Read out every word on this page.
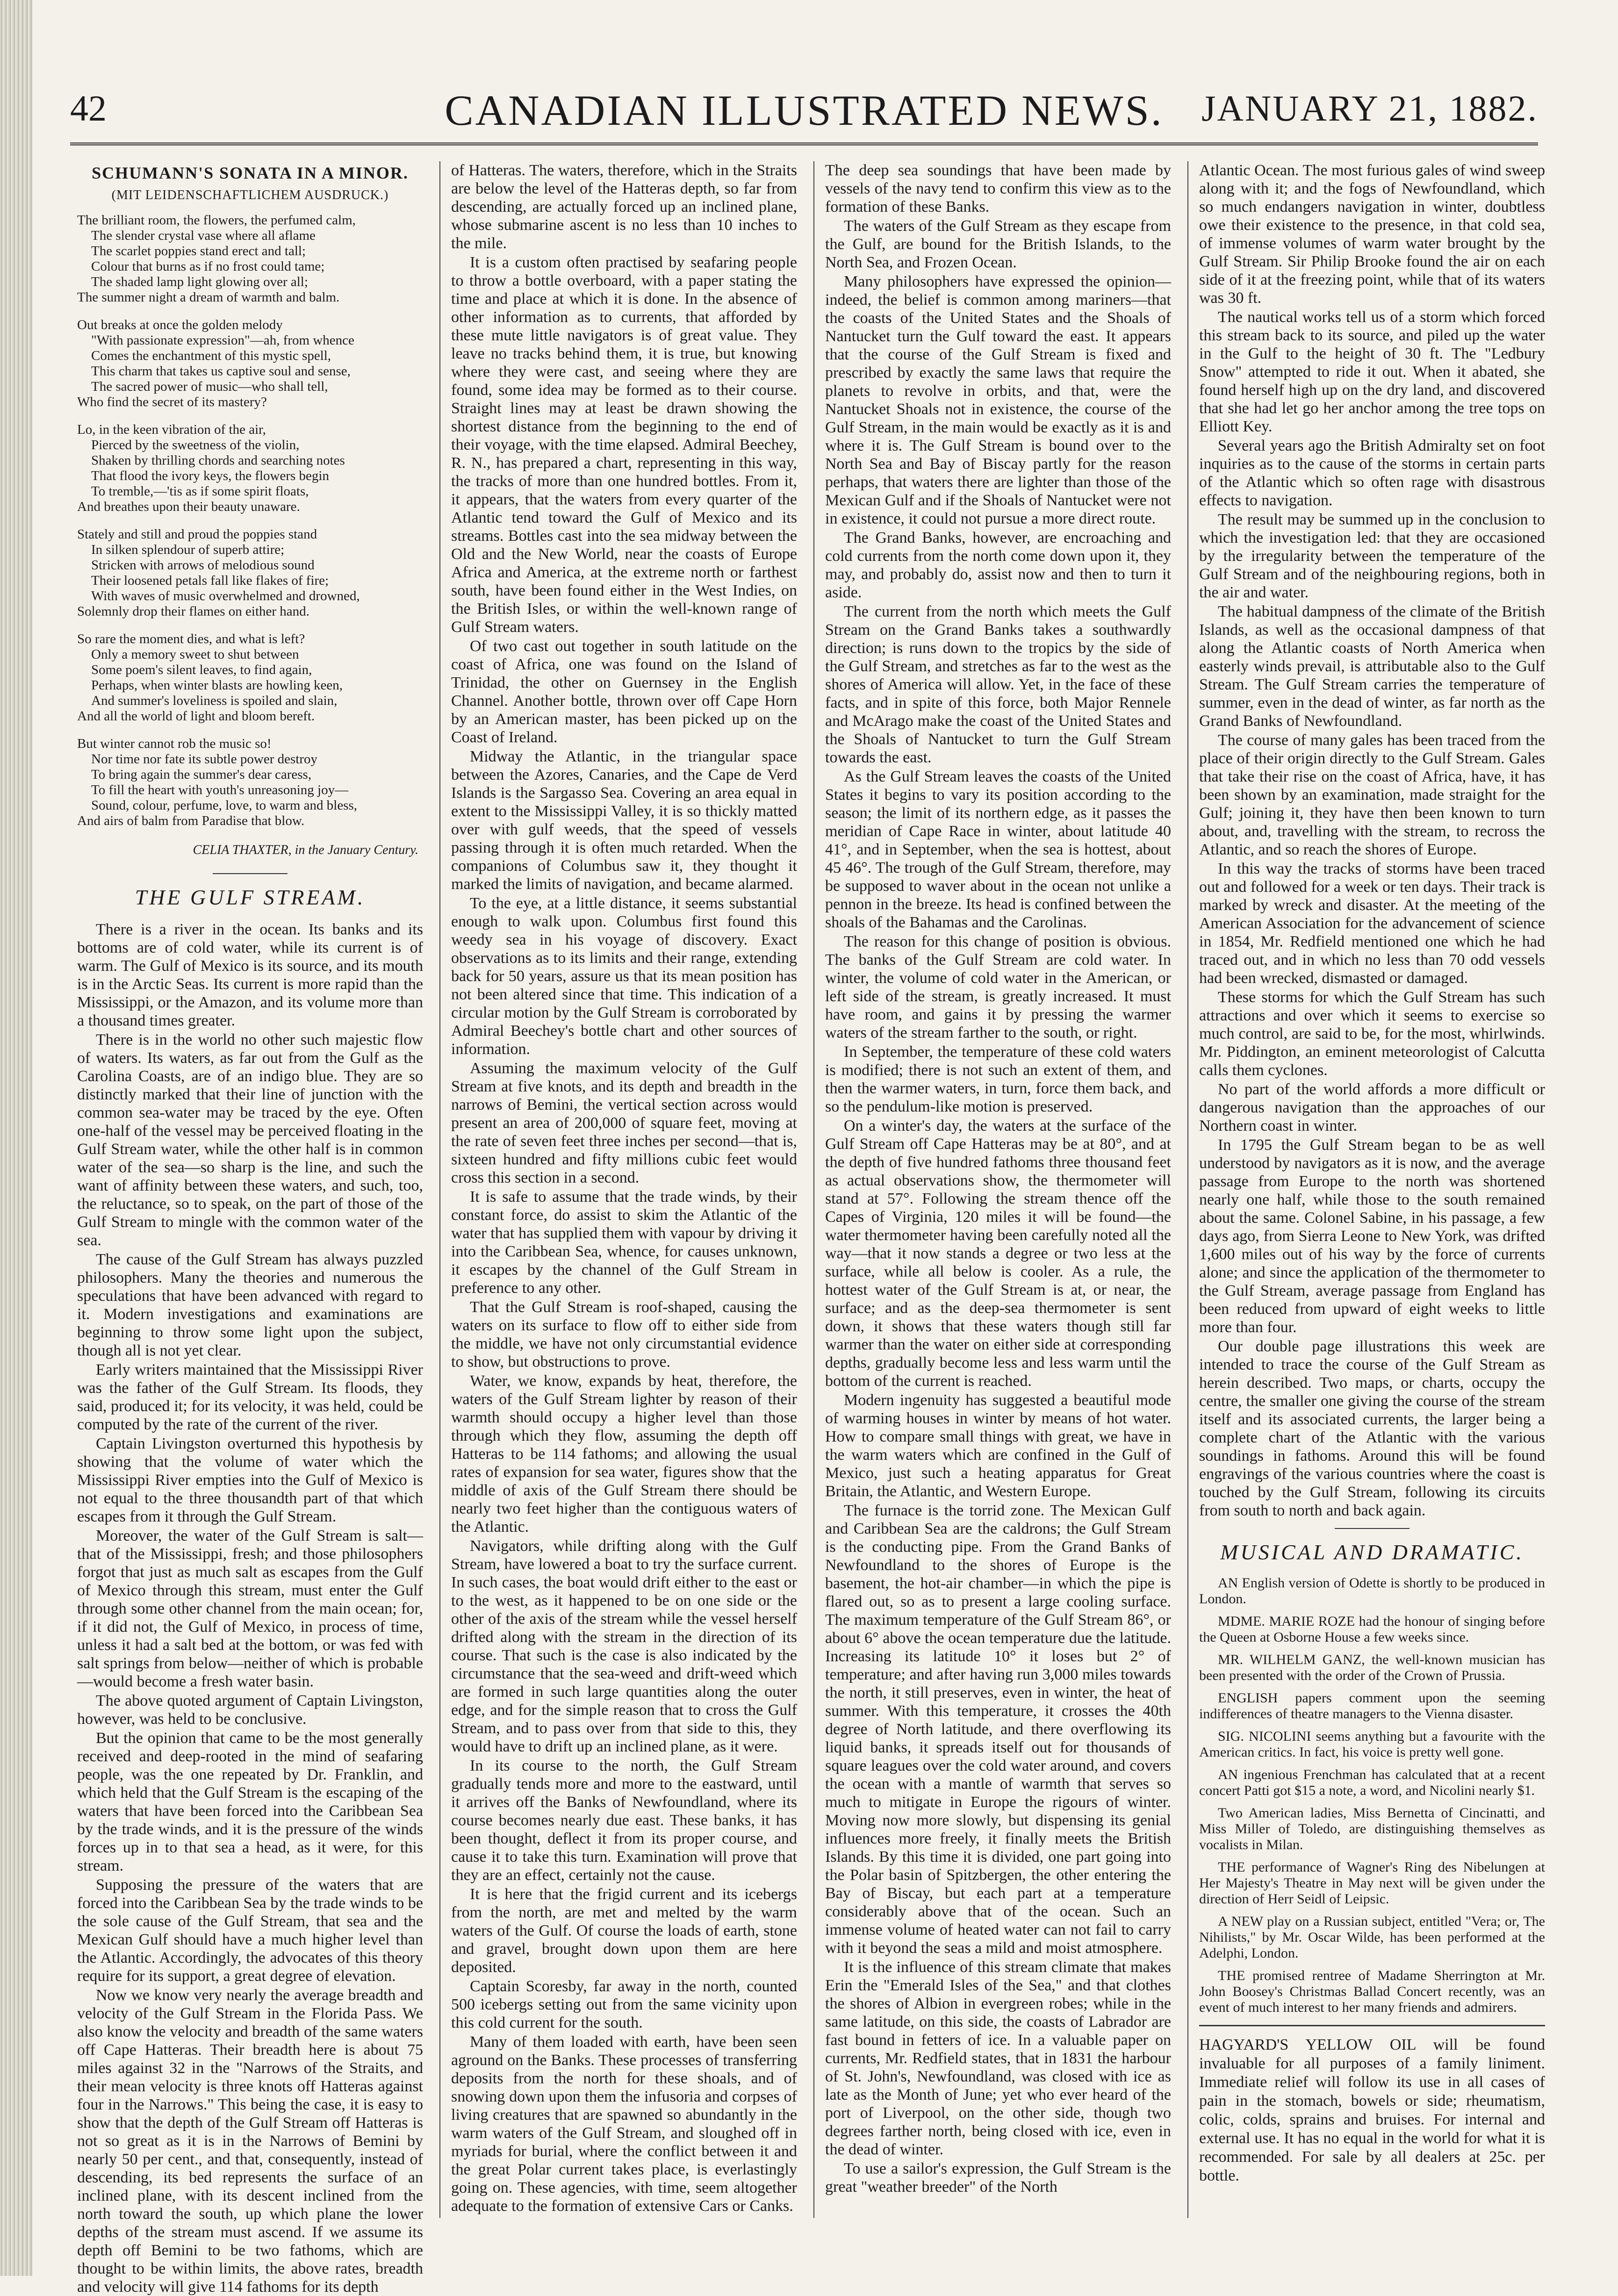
42	CANADIAN ILLUSTRATED NEWS.	JANUARY 21, 1882.
SCHUMANN'S SONATA IN A MINOR.
(MIT LEIDENSCHAFTLICHEM AUSDRUCK.)
The brilliant room, the flowers, the perfumed calm,
The slender crystal vase where all aflame
The scarlet poppies stand erect and tall;
Colour that burns as if no frost could tame;
The shaded lamp light glowing over all;
The summer night a dream of warmth and balm.
Out breaks at once the golden melody
"With passionate expression"—ah, from whence
Comes the enchantment of this mystic spell,
This charm that takes us captive soul and sense,
The sacred power of music—who shall tell,
Who find the secret of its mastery?
Lo, in the keen vibration of the air,
Pierced by the sweetness of the violin,
Shaken by thrilling chords and searching notes
That flood the ivory keys, the flowers begin
To tremble,—'tis as if some spirit floats,
And breathes upon their beauty unaware.
Stately and still and proud the poppies stand
In silken splendour of superb attire;
Stricken with arrows of melodious sound
Their loosened petals fall like flakes of fire;
With waves of music overwhelmed and drowned,
Solemnly drop their flames on either hand.
So rare the moment dies, and what is left?
Only a memory sweet to shut between
Some poem's silent leaves, to find again,
Perhaps, when winter blasts are howling keen,
And summer's loveliness is spoiled and slain,
And all the world of light and bloom bereft.
But winter cannot rob the music so!
Nor time nor fate its subtle power destroy
To bring again the summer's dear caress,
To fill the heart with youth's unreasoning joy—
Sound, colour, perfume, love, to warm and bless,
And airs of balm from Paradise that blow.
CELIA THAXTER, in the January Century.
THE GULF STREAM.

There is a river in the ocean. Its banks and its bottoms are of cold water, while its current is of warm. The Gulf of Mexico is its source, and its mouth is in the Arctic Seas. Its current is more rapid than the Mississippi, or the Amazon, and its volume more than a thousand times greater.

There is in the world no other such majestic flow of waters. Its waters, as far out from the Gulf as the Carolina Coasts, are of an indigo blue. They are so distinctly marked that their line of junction with the common sea-water may be traced by the eye. Often one-half of the vessel may be perceived floating in the Gulf Stream water, while the other half is in common water of the sea—so sharp is the line, and such the want of affinity between these waters, and such, too, the reluctance, so to speak, on the part of those of the Gulf Stream to mingle with the common water of the sea.

The cause of the Gulf Stream has always puzzled philosophers. Many the theories and numerous the speculations that have been advanced with regard to it. Modern investigations and examinations are beginning to throw some light upon the subject, though all is not yet clear.

Early writers maintained that the Mississippi River was the father of the Gulf Stream. Its floods, they said, produced it; for its velocity, it was held, could be computed by the rate of the current of the river.

Captain Livingston overturned this hypothesis by showing that the volume of water which the Mississippi River empties into the Gulf of Mexico is not equal to the three thousandth part of that which escapes from it through the Gulf Stream.

Moreover, the water of the Gulf Stream is salt—that of the Mississippi, fresh; and those philosophers forgot that just as much salt as escapes from the Gulf of Mexico through this stream, must enter the Gulf through some other channel from the main ocean; for, if it did not, the Gulf of Mexico, in process of time, unless it had a salt bed at the bottom, or was fed with salt springs from below—neither of which is probable—would become a fresh water basin.

The above quoted argument of Captain Livingston, however, was held to be conclusive.

But the opinion that came to be the most generally received and deep-rooted in the mind of seafaring people, was the one repeated by Dr. Franklin, and which held that the Gulf Stream is the escaping of the waters that have been forced into the Caribbean Sea by the trade winds, and it is the pressure of the winds forces up in to that sea a head, as it were, for this stream.

Supposing the pressure of the waters that are forced into the Caribbean Sea by the trade winds to be the sole cause of the Gulf Stream, that sea and the Mexican Gulf should have a much higher level than the Atlantic. Accordingly, the advocates of this theory require for its support, a great degree of elevation.

Now we know very nearly the average breadth and velocity of the Gulf Stream in the Florida Pass. We also know the velocity and breadth of the same waters off Cape Hatteras. Their breadth here is about 75 miles against 32 in the "Narrows of the Straits, and their mean velocity is three knots off Hatteras against four in the Narrows." This being the case, it is easy to show that the depth of the Gulf Stream off Hatteras is not so great as it is in the Narrows of Bemini by nearly 50 per cent., and that, consequently, instead of descending, its bed represents the surface of an inclined plane, with its descent inclined from the north toward the south, up which plane the lower depths of the stream must ascend. If we assume its depth off Bemini to be two fathoms, which are thought to be within limits, the above rates, breadth and velocity will give 114 fathoms for its depth

of Hatteras. The waters, therefore, which in the Straits are below the level of the Hatteras depth, so far from descending, are actually forced up an inclined plane, whose submarine ascent is no less than 10 inches to the mile.

It is a custom often practised by seafaring people to throw a bottle overboard, with a paper stating the time and place at which it is done. In the absence of other information as to currents, that afforded by these mute little navigators is of great value. They leave no tracks behind them, it is true, but knowing where they were cast, and seeing where they are found, some idea may be formed as to their course. Straight lines may at least be drawn showing the shortest distance from the beginning to the end of their voyage, with the time elapsed. Admiral Beechey, R. N., has prepared a chart, representing in this way, the tracks of more than one hundred bottles. From it, it appears, that the waters from every quarter of the Atlantic tend toward the Gulf of Mexico and its streams. Bottles cast into the sea midway between the Old and the New World, near the coasts of Europe Africa and America, at the extreme north or farthest south, have been found either in the West Indies, on the British Isles, or within the well-known range of Gulf Stream waters.

Of two cast out together in south latitude on the coast of Africa, one was found on the Island of Trinidad, the other on Guernsey in the English Channel. Another bottle, thrown over off Cape Horn by an American master, has been picked up on the Coast of Ireland.

Midway the Atlantic, in the triangular space between the Azores, Canaries, and the Cape de Verd Islands is the Sargasso Sea. Covering an area equal in extent to the Mississippi Valley, it is so thickly matted over with gulf weeds, that the speed of vessels passing through it is often much retarded. When the companions of Columbus saw it, they thought it marked the limits of navigation, and became alarmed.

To the eye, at a little distance, it seems substantial enough to walk upon. Columbus first found this weedy sea in his voyage of discovery. Exact observations as to its limits and their range, extending back for 50 years, assure us that its mean position has not been altered since that time. This indication of a circular motion by the Gulf Stream is corroborated by Admiral Beechey's bottle chart and other sources of information.

Assuming the maximum velocity of the Gulf Stream at five knots, and its depth and breadth in the narrows of Bemini, the vertical section across would present an area of 200,000 of square feet, moving at the rate of seven feet three inches per second—that is, sixteen hundred and fifty millions cubic feet would cross this section in a second.

It is safe to assume that the trade winds, by their constant force, do assist to skim the Atlantic of the water that has supplied them with vapour by driving it into the Caribbean Sea, whence, for causes unknown, it escapes by the channel of the Gulf Stream in preference to any other.

That the Gulf Stream is roof-shaped, causing the waters on its surface to flow off to either side from the middle, we have not only circumstantial evidence to show, but obstructions to prove.

Water, we know, expands by heat, therefore, the waters of the Gulf Stream lighter by reason of their warmth should occupy a higher level than those through which they flow, assuming the depth off Hatteras to be 114 fathoms; and allowing the usual rates of expansion for sea water, figures show that the middle of axis of the Gulf Stream there should be nearly two feet higher than the contiguous waters of the Atlantic.

Navigators, while drifting along with the Gulf Stream, have lowered a boat to try the surface current. In such cases, the boat would drift either to the east or to the west, as it happened to be on one side or the other of the axis of the stream while the vessel herself drifted along with the stream in the direction of its course. That such is the case is also indicated by the circumstance that the sea-weed and drift-weed which are formed in such large quantities along the outer edge, and for the simple reason that to cross the Gulf Stream, and to pass over from that side to this, they would have to drift up an inclined plane, as it were.

In its course to the north, the Gulf Stream gradually tends more and more to the eastward, until it arrives off the Banks of Newfoundland, where its course becomes nearly due east. These banks, it has been thought, deflect it from its proper course, and cause it to take this turn. Examination will prove that they are an effect, certainly not the cause.

It is here that the frigid current and its icebergs from the north, are met and melted by the warm waters of the Gulf. Of course the loads of earth, stone and gravel, brought down upon them are here deposited.

Captain Scoresby, far away in the north, counted 500 icebergs setting out from the same vicinity upon this cold current for the south.

Many of them loaded with earth, have been seen aground on the Banks. These processes of transferring deposits from the north for these shoals, and of snowing down upon them the infusoria and corpses of living creatures that are spawned so abundantly in the warm waters of the Gulf Stream, and sloughed off in myriads for burial, where the conflict between it and the great Polar current takes place, is everlastingly going on. These agencies, with time, seem altogether adequate to the formation of extensive Cars or Canks.

The deep sea soundings that have been made by vessels of the navy tend to confirm this view as to the formation of these Banks.

The waters of the Gulf Stream as they escape from the Gulf, are bound for the British Islands, to the North Sea, and Frozen Ocean.

Many philosophers have expressed the opinion—indeed, the belief is common among mariners—that the coasts of the United States and the Shoals of Nantucket turn the Gulf toward the east. It appears that the course of the Gulf Stream is fixed and prescribed by exactly the same laws that require the planets to revolve in orbits, and that, were the Nantucket Shoals not in existence, the course of the Gulf Stream, in the main would be exactly as it is and where it is. The Gulf Stream is bound over to the North Sea and Bay of Biscay partly for the reason perhaps, that waters there are lighter than those of the Mexican Gulf and if the Shoals of Nantucket were not in existence, it could not pursue a more direct route.

The Grand Banks, however, are encroaching and cold currents from the north come down upon it, they may, and probably do, assist now and then to turn it aside.

The current from the north which meets the Gulf Stream on the Grand Banks takes a southwardly direction; is runs down to the tropics by the side of the Gulf Stream, and stretches as far to the west as the shores of America will allow. Yet, in the face of these facts, and in spite of this force, both Major Rennele and McArago make the coast of the United States and the Shoals of Nantucket to turn the Gulf Stream towards the east.

As the Gulf Stream leaves the coasts of the United States it begins to vary its position according to the season; the limit of its northern edge, as it passes the meridian of Cape Race in winter, about latitude 40 41°, and in September, when the sea is hottest, about 45 46°. The trough of the Gulf Stream, therefore, may be supposed to waver about in the ocean not unlike a pennon in the breeze. Its head is confined between the shoals of the Bahamas and the Carolinas.

The reason for this change of position is obvious. The banks of the Gulf Stream are cold water. In winter, the volume of cold water in the American, or left side of the stream, is greatly increased. It must have room, and gains it by pressing the warmer waters of the stream farther to the south, or right.

In September, the temperature of these cold waters is modified; there is not such an extent of them, and then the warmer waters, in turn, force them back, and so the pendulum-like motion is preserved.

On a winter's day, the waters at the surface of the Gulf Stream off Cape Hatteras may be at 80°, and at the depth of five hundred fathoms three thousand feet as actual observations show, the thermometer will stand at 57°. Following the stream thence off the Capes of Virginia, 120 miles it will be found—the water thermometer having been carefully noted all the way—that it now stands a degree or two less at the surface, while all below is cooler. As a rule, the hottest water of the Gulf Stream is at, or near, the surface; and as the deep-sea thermometer is sent down, it shows that these waters though still far warmer than the water on either side at corresponding depths, gradually become less and less warm until the bottom of the current is reached.

Modern ingenuity has suggested a beautiful mode of warming houses in winter by means of hot water. How to compare small things with great, we have in the warm waters which are confined in the Gulf of Mexico, just such a heating apparatus for Great Britain, the Atlantic, and Western Europe.

The furnace is the torrid zone. The Mexican Gulf and Caribbean Sea are the caldrons; the Gulf Stream is the conducting pipe. From the Grand Banks of Newfoundland to the shores of Europe is the basement, the hot-air chamber—in which the pipe is flared out, so as to present a large cooling surface. The maximum temperature of the Gulf Stream 86°, or about 6° above the ocean temperature due the latitude. Increasing its latitude 10° it loses but 2° of temperature; and after having run 3,000 miles towards the north, it still preserves, even in winter, the heat of summer. With this temperature, it crosses the 40th degree of North latitude, and there overflowing its liquid banks, it spreads itself out for thousands of square leagues over the cold water around, and covers the ocean with a mantle of warmth that serves so much to mitigate in Europe the rigours of winter. Moving now more slowly, but dispensing its genial influences more freely, it finally meets the British Islands. By this time it is divided, one part going into the Polar basin of Spitzbergen, the other entering the Bay of Biscay, but each part at a temperature considerably above that of the ocean. Such an immense volume of heated water can not fail to carry with it beyond the seas a mild and moist atmosphere.

It is the influence of this stream climate that makes Erin the "Emerald Isles of the Sea," and that clothes the shores of Albion in evergreen robes; while in the same latitude, on this side, the coasts of Labrador are fast bound in fetters of ice. In a valuable paper on currents, Mr. Redfield states, that in 1831 the harbour of St. John's, Newfoundland, was closed with ice as late as the Month of June; yet who ever heard of the port of Liverpool, on the other side, though two degrees farther north, being closed with ice, even in the dead of winter.

To use a sailor's expression, the Gulf Stream is the great "weather breeder" of the North

Atlantic Ocean. The most furious gales of wind sweep along with it; and the fogs of Newfoundland, which so much endangers navigation in winter, doubtless owe their existence to the presence, in that cold sea, of immense volumes of warm water brought by the Gulf Stream. Sir Philip Brooke found the air on each side of it at the freezing point, while that of its waters was 30 ft.

The nautical works tell us of a storm which forced this stream back to its source, and piled up the water in the Gulf to the height of 30 ft. The "Ledbury Snow" attempted to ride it out. When it abated, she found herself high up on the dry land, and discovered that she had let go her anchor among the tree tops on Elliott Key.

Several years ago the British Admiralty set on foot inquiries as to the cause of the storms in certain parts of the Atlantic which so often rage with disastrous effects to navigation.

The result may be summed up in the conclusion to which the investigation led: that they are occasioned by the irregularity between the temperature of the Gulf Stream and of the neighbouring regions, both in the air and water.

The habitual dampness of the climate of the British Islands, as well as the occasional dampness of that along the Atlantic coasts of North America when easterly winds prevail, is attributable also to the Gulf Stream. The Gulf Stream carries the temperature of summer, even in the dead of winter, as far north as the Grand Banks of Newfoundland.

The course of many gales has been traced from the place of their origin directly to the Gulf Stream. Gales that take their rise on the coast of Africa, have, it has been shown by an examination, made straight for the Gulf; joining it, they have then been known to turn about, and, travelling with the stream, to recross the Atlantic, and so reach the shores of Europe.

In this way the tracks of storms have been traced out and followed for a week or ten days. Their track is marked by wreck and disaster. At the meeting of the American Association for the advancement of science in 1854, Mr. Redfield mentioned one which he had traced out, and in which no less than 70 odd vessels had been wrecked, dismasted or damaged.

These storms for which the Gulf Stream has such attractions and over which it seems to exercise so much control, are said to be, for the most, whirlwinds. Mr. Piddington, an eminent meteorologist of Calcutta calls them cyclones.

No part of the world affords a more difficult or dangerous navigation than the approaches of our Northern coast in winter.

In 1795 the Gulf Stream began to be as well understood by navigators as it is now, and the average passage from Europe to the north was shortened nearly one half, while those to the south remained about the same. Colonel Sabine, in his passage, a few days ago, from Sierra Leone to New York, was drifted 1,600 miles out of his way by the force of currents alone; and since the application of the thermometer to the Gulf Stream, average passage from England has been reduced from upward of eight weeks to little more than four.

Our double page illustrations this week are intended to trace the course of the Gulf Stream as herein described. Two maps, or charts, occupy the centre, the smaller one giving the course of the stream itself and its associated currents, the larger being a complete chart of the Atlantic with the various soundings in fathoms. Around this will be found engravings of the various countries where the coast is touched by the Gulf Stream, following its circuits from south to north and back again.

MUSICAL AND DRAMATIC.

AN English version of Odette is shortly to be produced in London.

MDME. MARIE ROZE had the honour of singing before the Queen at Osborne House a few weeks since.

MR. WILHELM GANZ, the well-known musician has been presented with the order of the Crown of Prussia.

ENGLISH papers comment upon the seeming indifferences of theatre managers to the Vienna disaster.

SIG. NICOLINI seems anything but a favourite with the American critics. In fact, his voice is pretty well gone.

AN ingenious Frenchman has calculated that at a recent concert Patti got $15 a note, a word, and Nicolini nearly $1.

Two American ladies, Miss Bernetta of Cincinatti, and Miss Miller of Toledo, are distinguishing themselves as vocalists in Milan.

THE performance of Wagner's Ring des Nibelungen at Her Majesty's Theatre in May next will be given under the direction of Herr Seidl of Leipsic.

A NEW play on a Russian subject, entitled "Vera; or, The Nihilists," by Mr. Oscar Wilde, has been performed at the Adelphi, London.

THE promised rentree of Madame Sherrington at Mr. John Boosey's Christmas Ballad Concert recently, was an event of much interest to her many friends and admirers.

HAGYARD'S YELLOW OIL will be found invaluable for all purposes of a family liniment. Immediate relief will follow its use in all cases of pain in the stomach, bowels or side; rheumatism, colic, colds, sprains and bruises. For internal and external use. It has no equal in the world for what it is recommended. For sale by all dealers at 25c. per bottle.
